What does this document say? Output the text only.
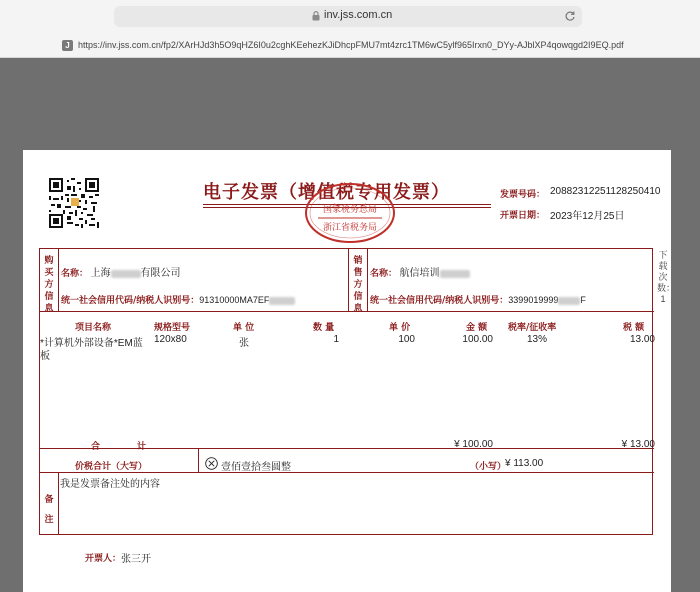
inv.jss.com.cn
J https://inv.jss.com.cn/fp2/XArHJd3h5O9qHZ6I0u2cghKEehezKJiDhcpFMU7mt4zrc1TM6wC5ylf965Irxn0_DYy-AJblXP4qowqgd2I9EQ.pdf
电子发票（增值税专用发票）
国家税务总局
浙江省税务局
发票号码： 20882312251128250410
开票日期： 2023年12月25日
购买方信息
销售方信息
名称： 上海	有限公司
统一社会信用代码/纳税人识别号：91310000MA7EF
名称： 航信培训
统一社会信用代码/纳税人识别号：3399019999 F
项目名称	规格型号	单 位	数 量	单 价	金 额 税率/征收率	税 额
*计算机外部设备*EM蓝
板
120x80	张	1	100	100.00	13%	13.00
合	计	¥ 100.00	¥ 13.00
价税合计（大写）	壹佰壹拾叁圆整	（小写）
¥ 113.00
备注
我是发票备注处的内容
开票人： 张三开
下载次数：1
